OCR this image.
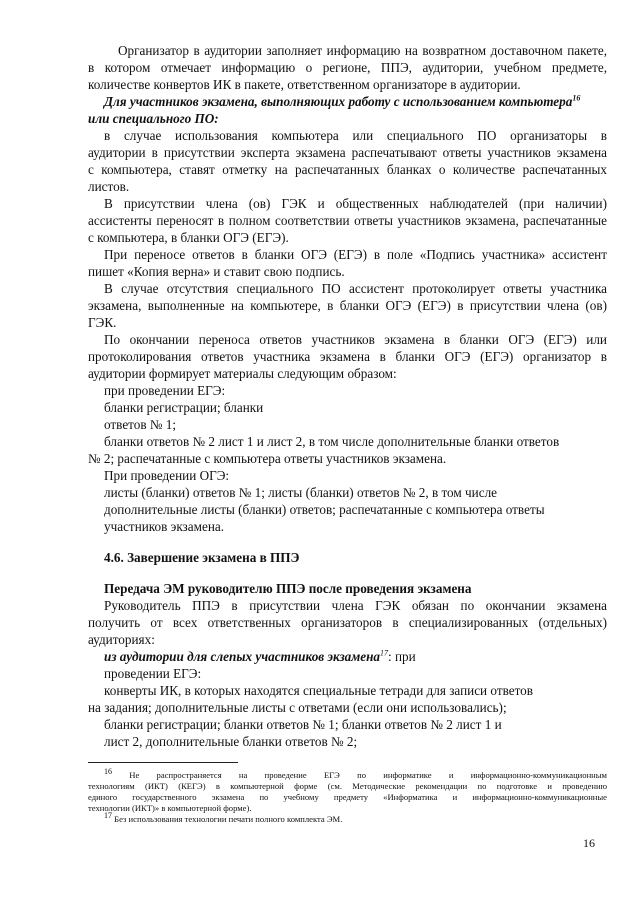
Организатор в аудитории заполняет информацию на возвратном доставочном пакете,
в котором отмечает информацию о регионе, ППЭ, аудитории, учебном предмете,
количестве конвертов ИК в пакете, ответственном организаторе в аудитории.
Для участников экзамена, выполняющих работу с использованием компьютера$^{16}$
или специального ПО:
в случае использования компьютера или специального ПО организаторы в
аудитории в присутствии эксперта экзамена распечатывают ответы участников экзамена
с компьютера, ставят отметку на распечатанных бланках о количестве распечатанных
листов.
В присутствии члена (ов) ГЭК и общественных наблюдателей (при наличии)
ассистенты переносят в полном соответствии ответы участников экзамена, распечатанные
с компьютера, в бланки ОГЭ (ЕГЭ).
При переносе ответов в бланки ОГЭ (ЕГЭ) в поле «Подпись участника» ассистент
пишет «Копия верна» и ставит свою подпись.
В случае отсутствия специального ПО ассистент протоколирует ответы участника
экзамена, выполненные на компьютере, в бланки ОГЭ (ЕГЭ) в присутствии члена (ов)
ГЭК.
По окончании переноса ответов участников экзамена в бланки ОГЭ (ЕГЭ) или
протоколирования ответов участника экзамена в бланки ОГЭ (ЕГЭ) организатор в
аудитории формирует материалы следующим образом:
при проведении ЕГЭ:
бланки регистрации; бланки
ответов № 1;
бланки ответов № 2 лист 1 и лист 2, в том числе дополнительные бланки ответов
№ 2; распечатанные с компьютера ответы участников экзамена.
При проведении ОГЭ:
листы (бланки) ответов № 1; листы (бланки) ответов № 2, в том числе
дополнительные листы (бланки) ответов; распечатанные с компьютера ответы
участников экзамена.
4.6. Завершение экзамена в ППЭ
Передача ЭМ руководителю ППЭ после проведения экзамена
Руководитель ППЭ в присутствии члена ГЭК обязан по окончании экзамена
получить от всех ответственных организаторов в специализированных (отдельных)
аудиториях:
из аудитории для слепых участников экзамена$^{17}$: при
проведении ЕГЭ:
конверты ИК, в которых находятся специальные тетради для записи ответов
на задания; дополнительные листы с ответами (если они использовались);
бланки регистрации; бланки ответов № 1; бланки ответов № 2 лист 1 и
лист 2, дополнительные бланки ответов № 2;
$^{16}$ Не распространяется на проведение ЕГЭ по информатике и информационно-коммуникационным
технологиям (ИКТ) (КЕГЭ) в компьютерной форме (см. Методические рекомендации по подготовке и проведению
единого государственного экзамена по учебному предмету «Информатика и информационно-коммуникационные
технологии (ИКТ)» в компьютерной форме).
$^{17}$ Без использования технологии печати полного комплекта ЭМ.
16
